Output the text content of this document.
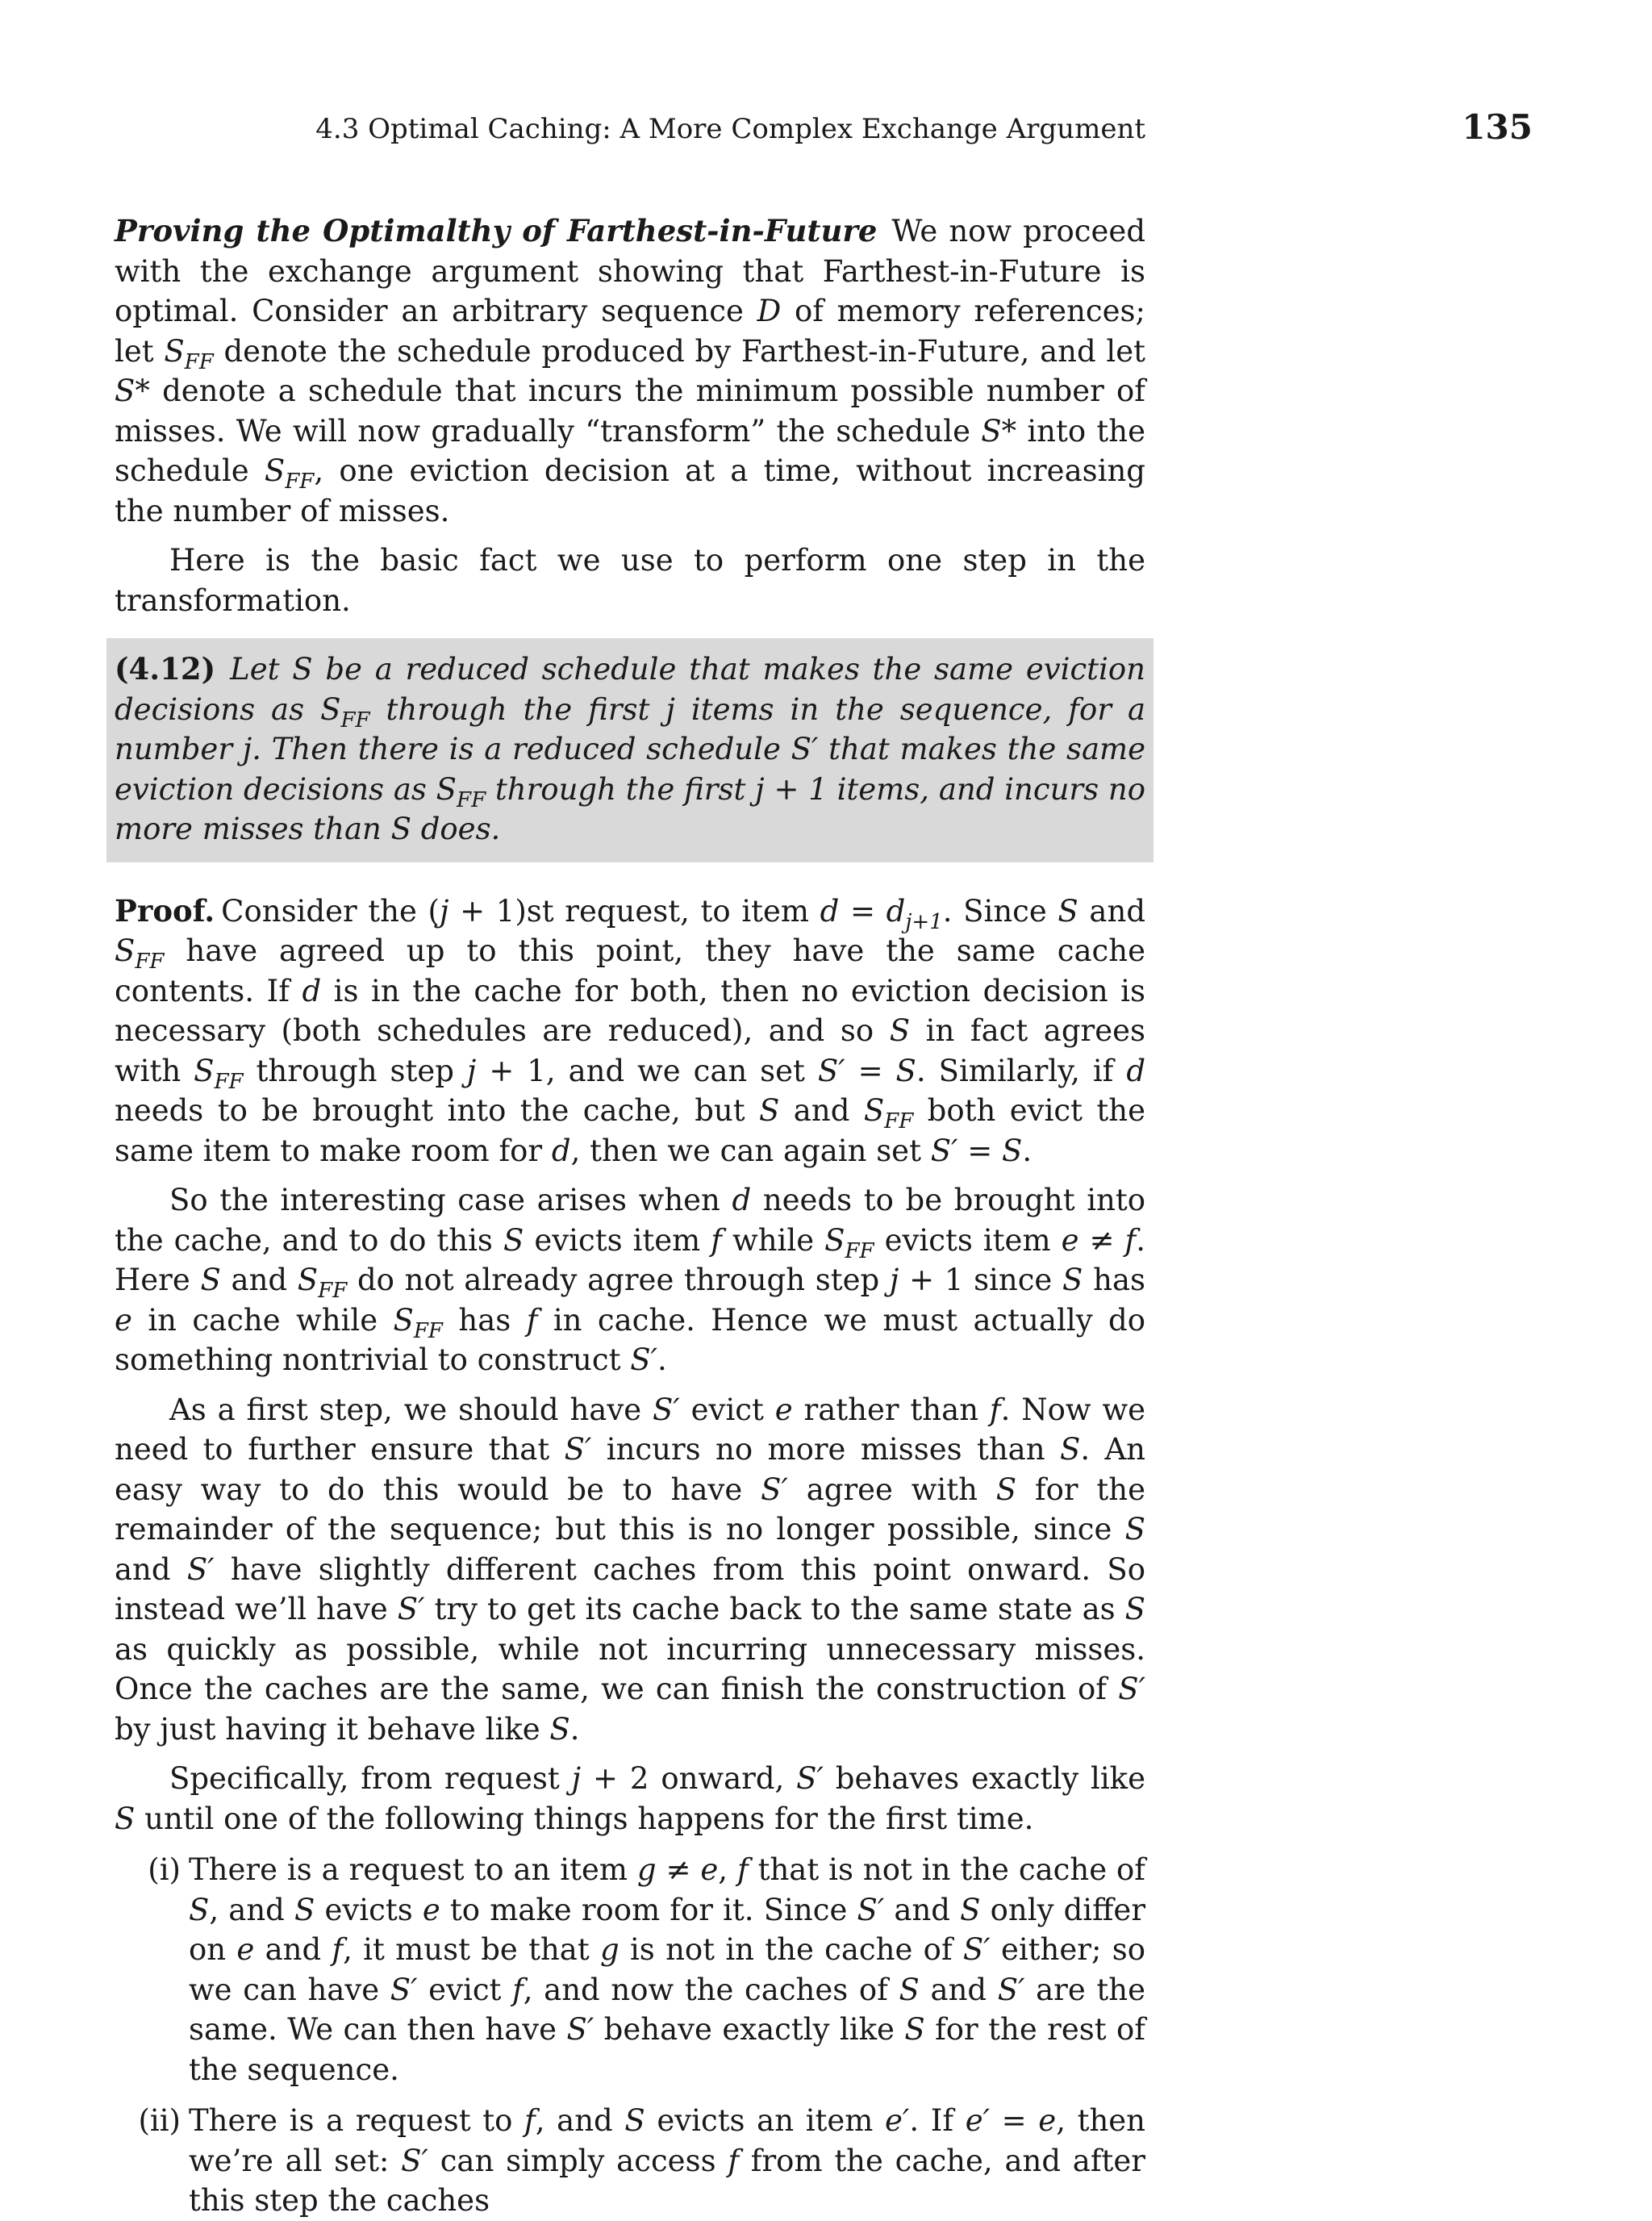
4.3 Optimal Caching: A More Complex Exchange Argument	135

Proving the Optimalthy of Farthest-in-Future We now proceed with the exchange argument showing that Farthest-in-Future is optimal. Consider an arbitrary sequence D of memory references; let $S_{FF}$ denote the schedule produced by Farthest-in-Future, and let S* denote a schedule that incurs the minimum possible number of misses. We will now gradually “transform” the schedule S* into the schedule $S_{FF}$, one eviction decision at a time, without increasing the number of misses.

Here is the basic fact we use to perform one step in the transformation.

(4.12) Let S be a reduced schedule that makes the same eviction decisions as $S_{FF}$ through the first j items in the sequence, for a number j. Then there is a reduced schedule S′ that makes the same eviction decisions as $S_{FF}$ through the first j + 1 items, and incurs no more misses than S does.

Proof. Consider the (j + 1)st request, to item $d = d_{j+1}$. Since S and $S_{FF}$ have agreed up to this point, they have the same cache contents. If d is in the cache for both, then no eviction decision is necessary (both schedules are reduced), and so S in fact agrees with $S_{FF}$ through step j + 1, and we can set S′ = S. Similarly, if d needs to be brought into the cache, but S and $S_{FF}$ both evict the same item to make room for d, then we can again set S′ = S.

So the interesting case arises when d needs to be brought into the cache, and to do this S evicts item f while $S_{FF}$ evicts item e ≠ f. Here S and $S_{FF}$ do not already agree through step j + 1 since S has e in cache while $S_{FF}$ has f in cache. Hence we must actually do something nontrivial to construct S′.

As a first step, we should have S′ evict e rather than f. Now we need to further ensure that S′ incurs no more misses than S. An easy way to do this would be to have S′ agree with S for the remainder of the sequence; but this is no longer possible, since S and S′ have slightly different caches from this point onward. So instead we’ll have S′ try to get its cache back to the same state as S as quickly as possible, while not incurring unnecessary misses. Once the caches are the same, we can finish the construction of S′ by just having it behave like S.

Specifically, from request j + 2 onward, S′ behaves exactly like S until one of the following things happens for the first time.

(i) There is a request to an item g ≠ e, f that is not in the cache of S, and S evicts e to make room for it. Since S′ and S only differ on e and f, it must be that g is not in the cache of S′ either; so we can have S′ evict f, and now the caches of S and S′ are the same. We can then have S′ behave exactly like S for the rest of the sequence.

(ii) There is a request to f, and S evicts an item e′. If e′ = e, then we’re all set: S′ can simply access f from the cache, and after this step the caches
